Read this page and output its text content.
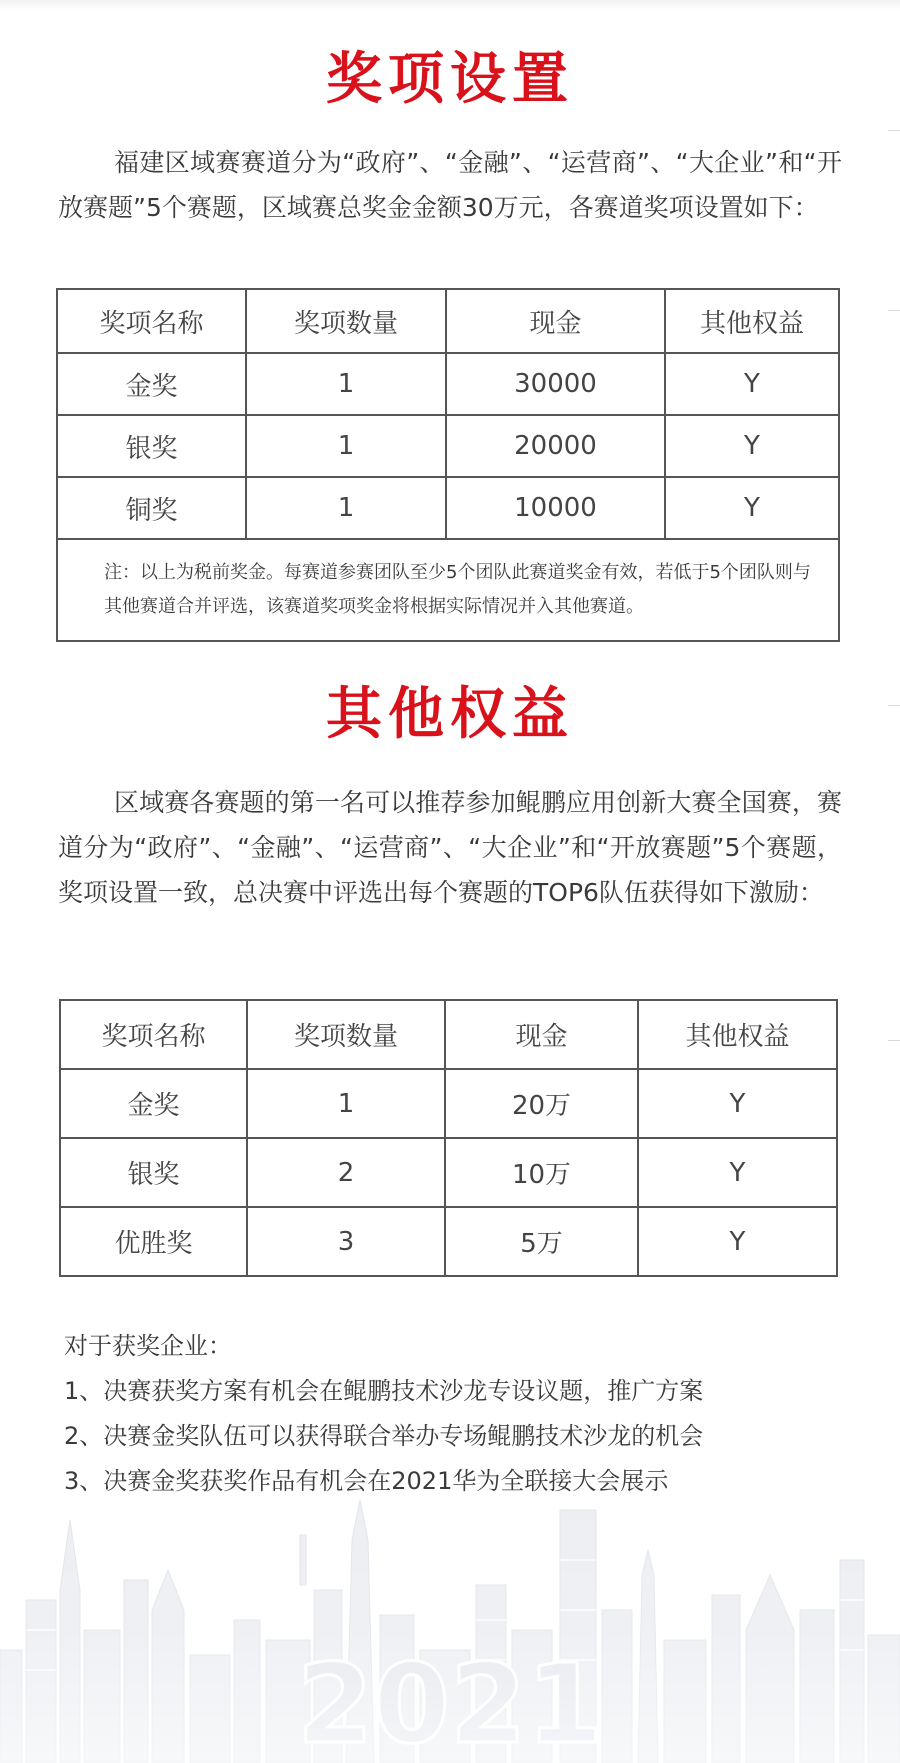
奖项设置

福建区域赛赛道分为“政府”、“金融”、“运营商”、“大企业”和“开放赛题”5个赛题，区域赛总奖金金额30万元，各赛道奖项设置如下：

奖项名称	奖项数量	现金	其他权益
金奖	1	30000	Y
银奖	1	20000	Y
铜奖	1	10000	Y
注：以上为税前奖金。每赛道参赛团队至少5个团队此赛道奖金有效，若低于5个团队则与其他赛道合并评选，该赛道奖项奖金将根据实际情况并入其他赛道。			
其他权益

区域赛各赛题的第一名可以推荐参加鲲鹏应用创新大赛全国赛，赛道分为“政府”、“金融”、“运营商”、“大企业”和“开放赛题”5个赛题，奖项设置一致，总决赛中评选出每个赛题的TOP6队伍获得如下激励：

奖项名称	奖项数量	现金	其他权益
金奖	1	20万	Y
银奖	2	10万	Y
优胜奖	3	5万	Y

对于获奖企业：

1、决赛获奖方案有机会在鲲鹏技术沙龙专设议题，推广方案

2、决赛金奖队伍可以获得联合举办专场鲲鹏技术沙龙的机会
